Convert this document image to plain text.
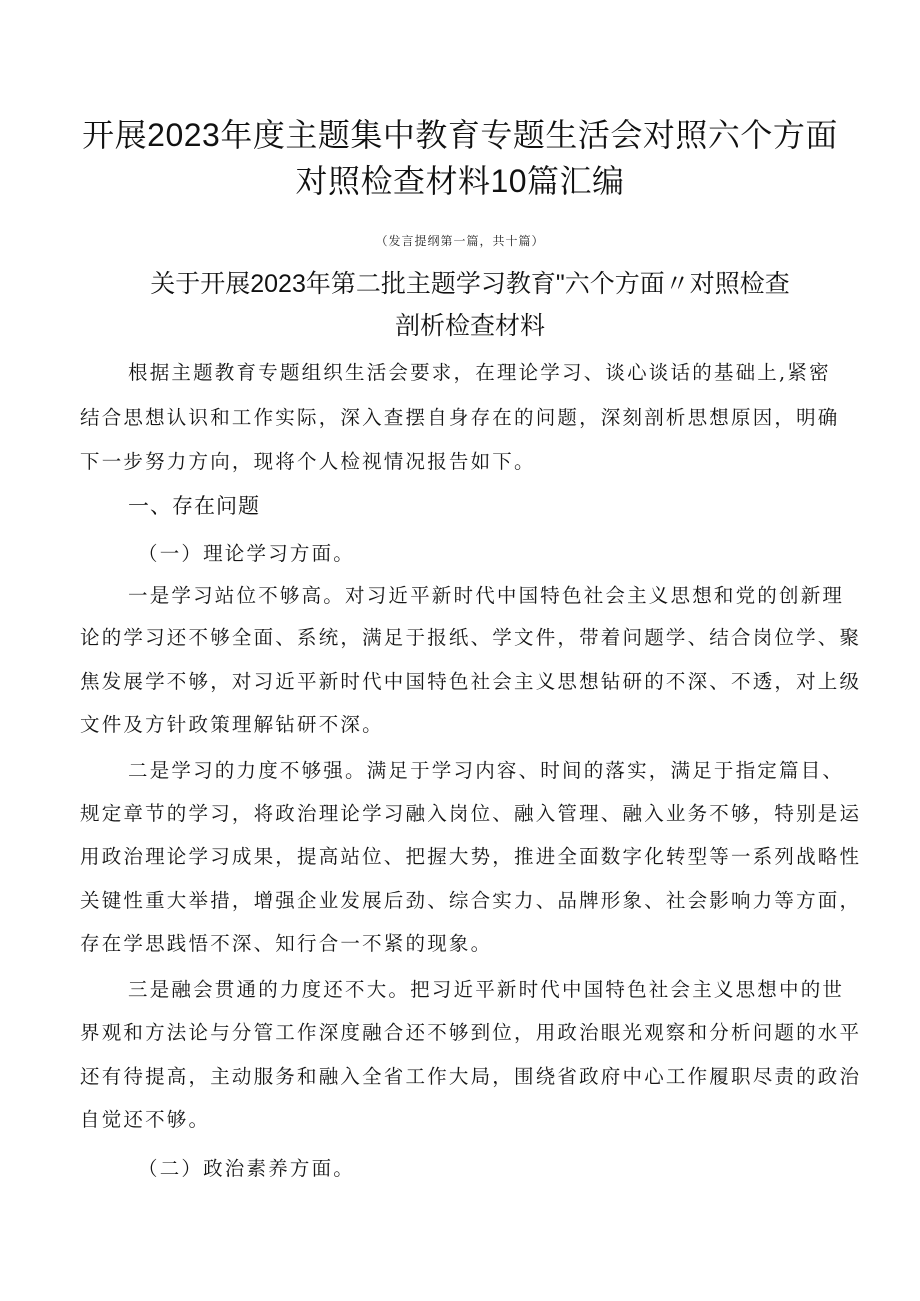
开展2023年度主题集中教育专题生活会对照六个方面
对照检查材料10篇汇编
（发言提纲第一篇，共十篇）
关于开展2023年第二批主题学习教育"六个方面〃对照检查
剖析检查材料
根据主题教育专题组织生活会要求，在理论学习、谈心谈话的基础上,紧密
结合思想认识和工作实际，深入查摆自身存在的问题，深刻剖析思想原因，明确
下一步努力方向，现将个人检视情况报告如下。
一、存在问题
（一）理论学习方面。
一是学习站位不够高。对习近平新时代中国特色社会主义思想和党的创新理
论的学习还不够全面、系统，满足于报纸、学文件，带着问题学、结合岗位学、聚
焦发展学不够，对习近平新时代中国特色社会主义思想钻研的不深、不透，对上级
文件及方针政策理解钻研不深。
二是学习的力度不够强。满足于学习内容、时间的落实，满足于指定篇目、
规定章节的学习，将政治理论学习融入岗位、融入管理、融入业务不够，特别是运
用政治理论学习成果，提高站位、把握大势，推进全面数字化转型等一系列战略性
关键性重大举措，增强企业发展后劲、综合实力、品牌形象、社会影响力等方面，
存在学思践悟不深、知行合一不紧的现象。
三是融会贯通的力度还不大。把习近平新时代中国特色社会主义思想中的世
界观和方法论与分管工作深度融合还不够到位，用政治眼光观察和分析问题的水平
还有待提高，主动服务和融入全省工作大局，围绕省政府中心工作履职尽责的政治
自觉还不够。
（二）政治素养方面。
